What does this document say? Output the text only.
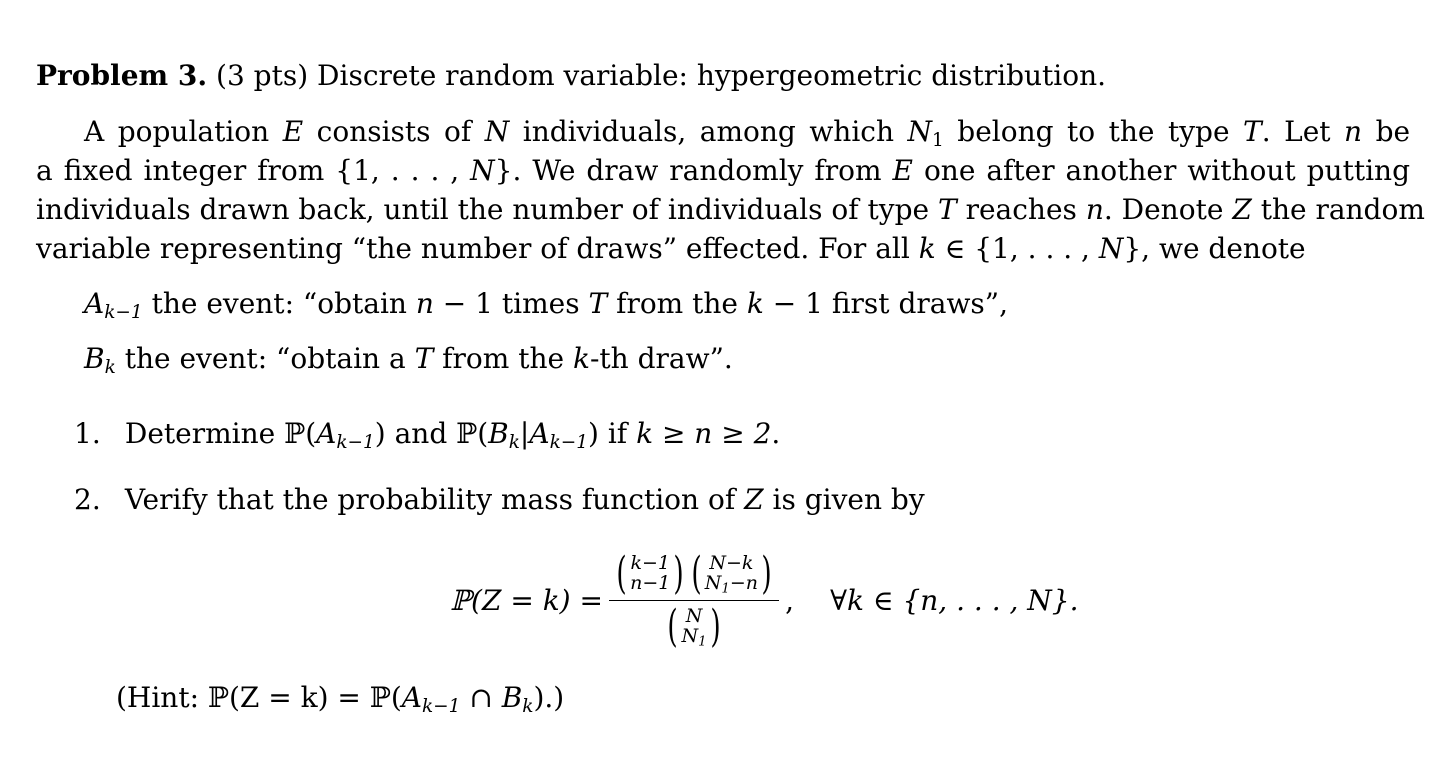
Problem 3. (3 pts) Discrete random variable: hypergeometric distribution.
A population E consists of N individuals, among which $N_1$ belong to the type T. Let n be
a fixed integer from {1, . . . , N}. We draw randomly from E one after another without putting
individuals drawn back, until the number of individuals of type T reaches n. Denote Z the random
variable representing “the number of draws” effected. For all k ∈ {1, . . . , N}, we denote
$A_{k-1}$ the event: “obtain n − 1 times T from the k − 1 first draws”,
$B_k$ the event: “obtain a T from the k-th draw”.
1. Determine $ℙ(A_{k-1})$ and $ℙ(B_k|A_{k-1})$ if k ≥ n ≥ 2.
2. Verify that the probability mass function of Z is given by
ℙ(Z = k) =
( k−1
n−1 ) ( N−k
$N_1-n$ )
( N
$N_1$ )
, ∀k ∈ {n, . . . , N}.
(Hint: ℙ(Z = $k) = ℙ(A_{k-1}$ ∩ $B_k$).)
